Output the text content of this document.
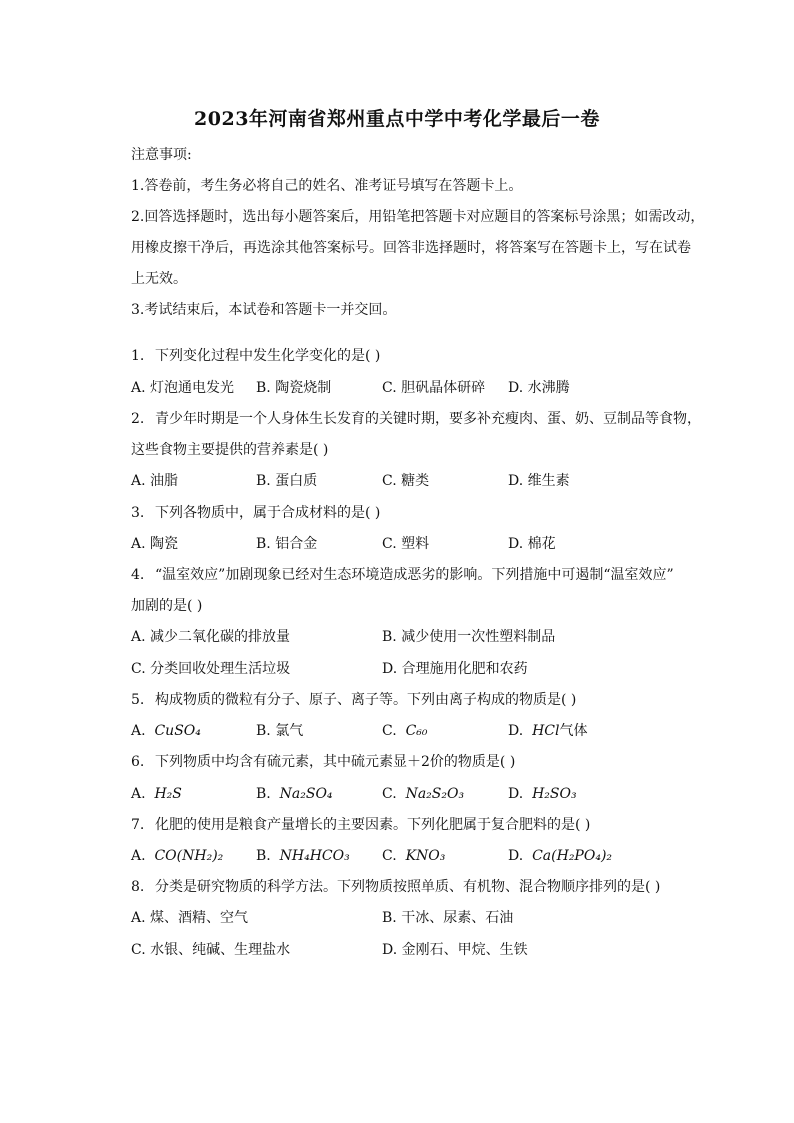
2023年河南省郑州重点中学中考化学最后一卷
注意事项:
1.答卷前，考生务必将自己的姓名、准考证号填写在答题卡上。
2.回答选择题时，选出每小题答案后，用铅笔把答题卡对应题目的答案标号涂黑；如需改动，
用橡皮擦干净后，再选涂其他答案标号。回答非选择题时，将答案写在答题卡上，写在试卷
上无效。
3.考试结束后，本试卷和答题卡一并交回。
1. 下列变化过程中发生化学变化的是( )
A. 灯泡通电发光 B. 陶瓷烧制	C. 胆矾晶体研碎 D. 水沸腾
2. 青少年时期是一个人身体生长发育的关键时期，要多补充瘦肉、蛋、奶、豆制品等食物，
这些食物主要提供的营养素是( )
A. 油脂	B. 蛋白质	C. 糖类	D. 维生素
3. 下列各物质中，属于合成材料的是( )
A. 陶瓷	B. 铝合金	C. 塑料	D. 棉花
4. “温室效应”加剧现象已经对生态环境造成恶劣的影响。下列措施中可遏制“温室效应”
加剧的是( )
A. 减少二氧化碳的排放量	B. 减少使用一次性塑料制品
C. 分类回收处理生活垃圾	D. 合理施用化肥和农药
5. 构成物质的微粒有分子、原子、离子等。下列由离子构成的物质是( )
A. CuSO₄	B. 氯气	C. C₆₀	D. HCl气体
6. 下列物质中均含有硫元素，其中硫元素显＋2价的物质是( )
A. H₂S	B. Na₂SO₄	C. Na₂S₂O₃	D. H₂SO₃
7. 化肥的使用是粮食产量增长的主要因素。下列化肥属于复合肥料的是( )
A. CO(NH₂)₂ B. NH₄HCO₃ C. KNO₃	D. Ca(H₂PO₄)₂
8. 分类是研究物质的科学方法。下列物质按照单质、有机物、混合物顺序排列的是( )
A. 煤、酒精、空气	B. 干冰、尿素、石油
C. 水银、纯碱、生理盐水	D. 金刚石、甲烷、生铁
